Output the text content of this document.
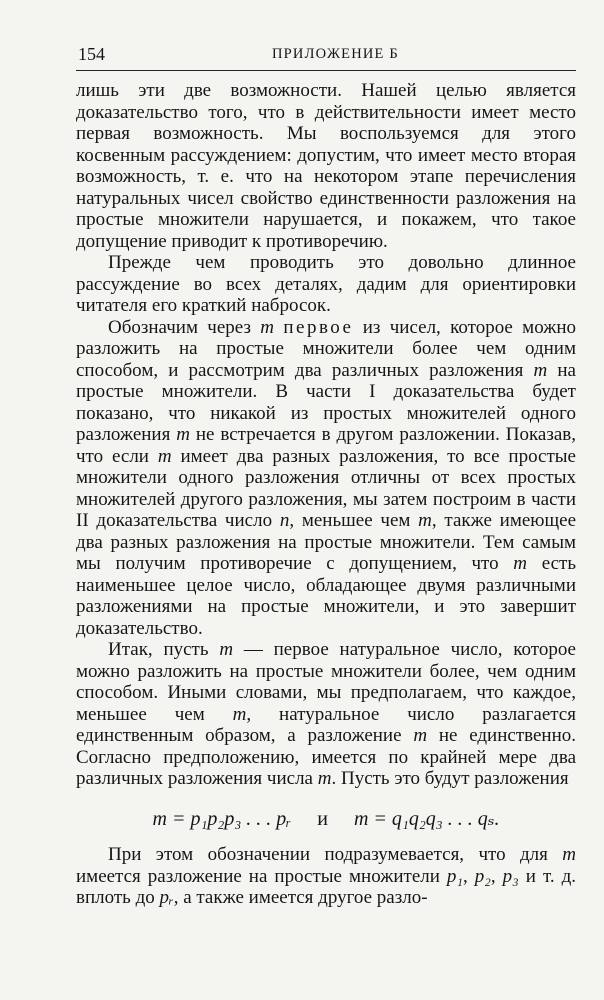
154	ПРИЛОЖЕНИЕ Б

лишь эти две возможности. Нашей целью является доказательство того, что в действительности имеет место первая возможность. Мы воспользуемся для этого косвенным рассуждением: допустим, что имеет место вторая возможность, т. е. что на некотором этапе перечисления натуральных чисел свойство единственности разложения на простые множители нарушается, и покажем, что такое допущение приводит к противоречию.

Прежде чем проводить это довольно длинное рассуждение во всех деталях, дадим для ориентировки читателя его краткий набросок.

Обозначим через m первое из чисел, которое можно разложить на простые множители более чем одним способом, и рассмотрим два различных разложения m на простые множители. В части I доказательства будет показано, что никакой из простых множителей одного разложения m не встречается в другом разложении. Показав, что если m имеет два разных разложения, то все простые множители одного разложения отличны от всех простых множителей другого разложения, мы затем построим в части II доказательства число n, меньшее чем m, также имеющее два разных разложения на простые множители. Тем самым мы получим противоречие с допущением, что m есть наименьшее целое число, обладающее двумя различными разложениями на простые множители, и это завершит доказательство.

Итак, пусть m — первое натуральное число, которое можно разложить на простые множители более, чем одним способом. Иными словами, мы предполагаем, что каждое, меньшее чем m, натуральное число разлагается единственным образом, а разложение m не единственно. Согласно предположению, имеется по крайней мере два различных разложения числа m. Пусть это будут разложения

m = p₁p₂p₃ . . . pᵣ и m = q₁q₂q₃ . . . qₛ.

При этом обозначении подразумевается, что для m имеется разложение на простые множители p₁, p₂, p₃ и т. д. вплоть до pᵣ, а также имеется другое разло-
